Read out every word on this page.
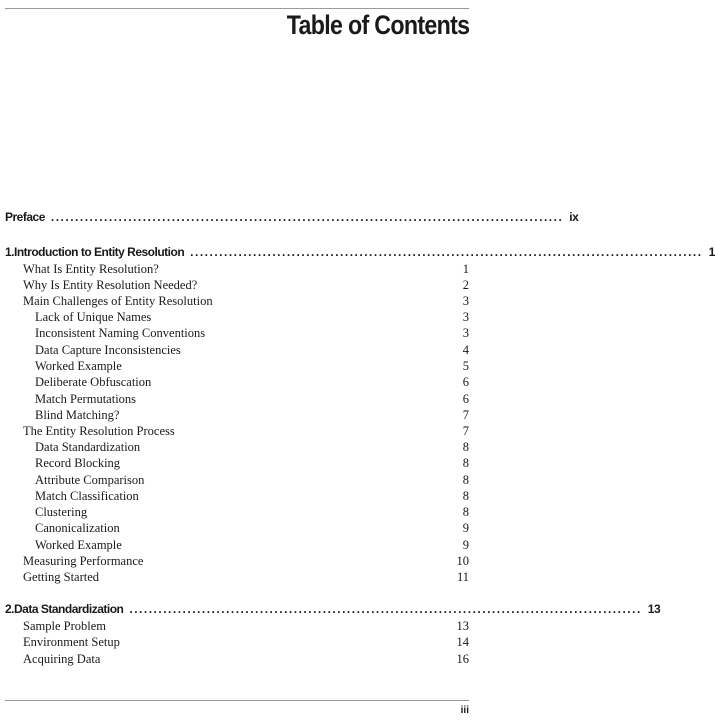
Table of Contents
Preface .......................................................................................................... ix
1. Introduction to Entity Resolution .......................................................................................................... 1
What Is Entity Resolution?	1
Why Is Entity Resolution Needed?	2
Main Challenges of Entity Resolution	3
Lack of Unique Names	3
Inconsistent Naming Conventions	3
Data Capture Inconsistencies	4
Worked Example	5
Deliberate Obfuscation	6
Match Permutations	6
Blind Matching?	7
The Entity Resolution Process	7
Data Standardization	8
Record Blocking	8
Attribute Comparison	8
Match Classification	8
Clustering	8
Canonicalization	9
Worked Example	9
Measuring Performance	10
Getting Started	11
2. Data Standardization .......................................................................................................... 13
Sample Problem	13
Environment Setup	14
Acquiring Data	16
iii
